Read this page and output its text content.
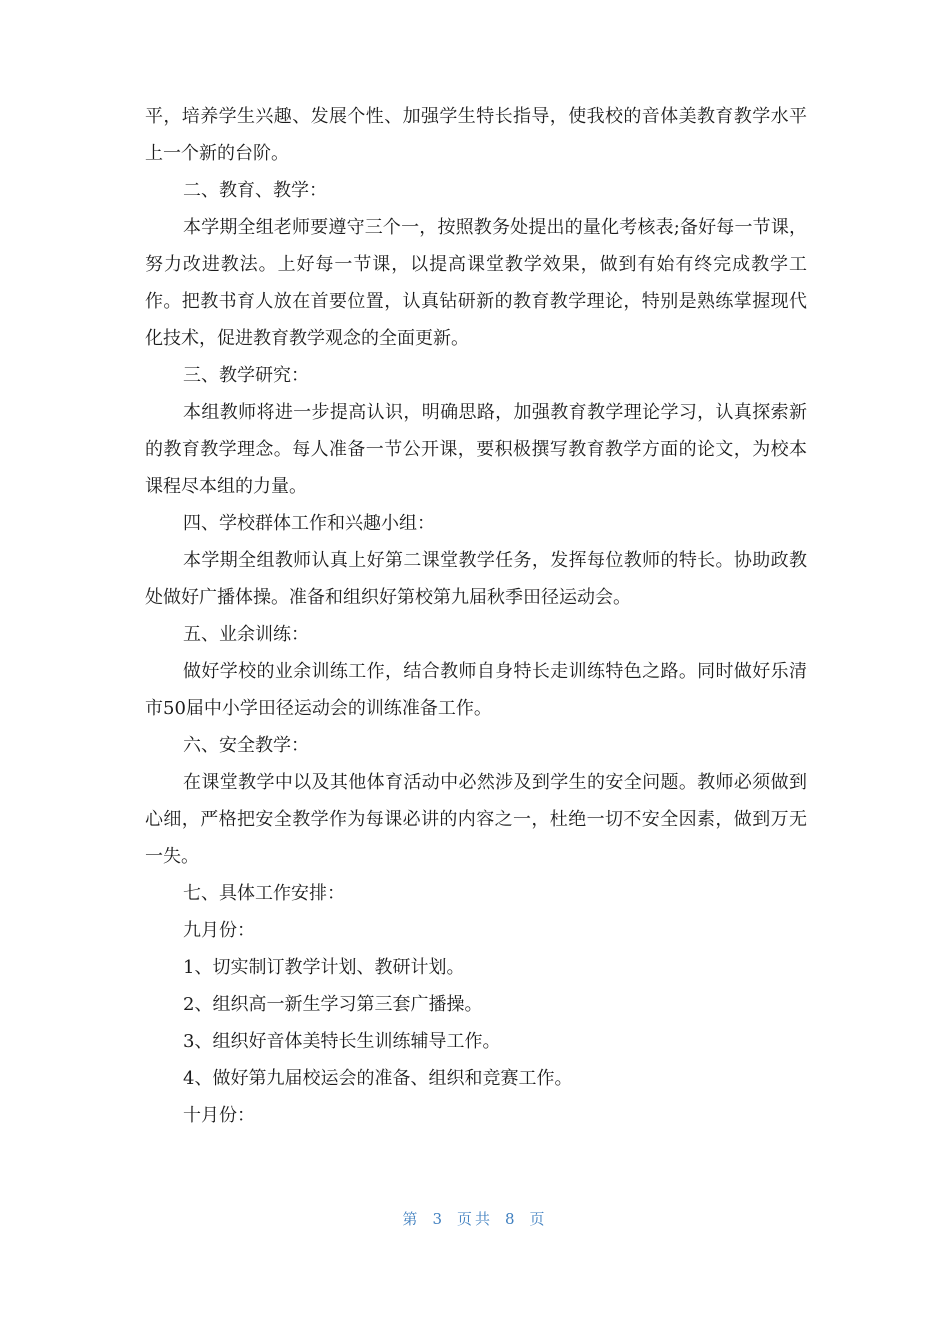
平，培养学生兴趣、发展个性、加强学生特长指导，使我校的音体美教育教学水平上一个新的台阶。

二、教育、教学：

本学期全组老师要遵守三个一，按照教务处提出的量化考核表;备好每一节课，努力改进教法。上好每一节课，以提高课堂教学效果，做到有始有终完成教学工作。把教书育人放在首要位置，认真钻研新的教育教学理论，特别是熟练掌握现代化技术，促进教育教学观念的全面更新。

三、教学研究：

本组教师将进一步提高认识，明确思路，加强教育教学理论学习，认真探索新的教育教学理念。每人准备一节公开课，要积极撰写教育教学方面的论文，为校本课程尽本组的力量。

四、学校群体工作和兴趣小组：

本学期全组教师认真上好第二课堂教学任务，发挥每位教师的特长。协助政教处做好广播体操。准备和组织好第校第九届秋季田径运动会。

五、业余训练：

做好学校的业余训练工作，结合教师自身特长走训练特色之路。同时做好乐清市50届中小学田径运动会的训练准备工作。

六、安全教学：

在课堂教学中以及其他体育活动中必然涉及到学生的安全问题。教师必须做到心细，严格把安全教学作为每课必讲的内容之一，杜绝一切不安全因素，做到万无一失。

七、具体工作安排：

九月份：

1、切实制订教学计划、教研计划。

2、组织高一新生学习第三套广播操。

3、组织好音体美特长生训练辅导工作。

4、做好第九届校运会的准备、组织和竞赛工作。

十月份：

第 3 页共 8 页
